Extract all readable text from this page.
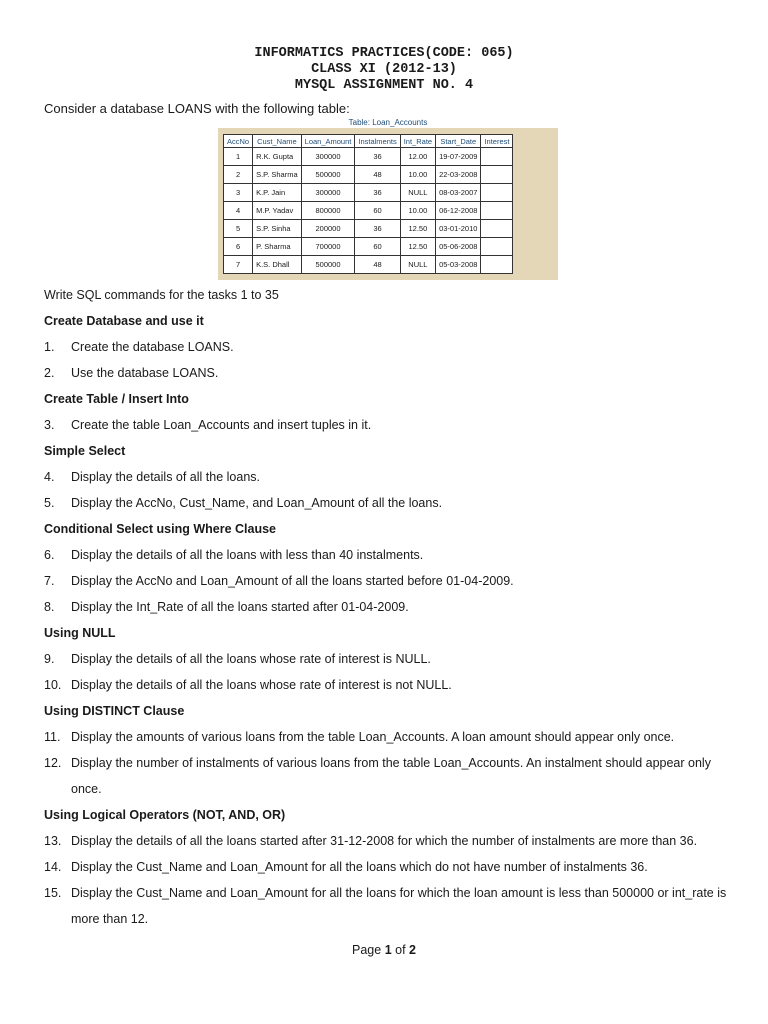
INFORMATICS PRACTICES(CODE: 065)
CLASS XI (2012-13)
MYSQL ASSIGNMENT NO. 4
Consider a database LOANS with the following table:
Table: Loan_Accounts
AccNo	Cust_Name	Loan_Amount	Instalments	Int_Rate	Start_Date	Interest
1	R.K. Gupta	300000	36	12.00	19-07-2009	
2	S.P. Sharma	500000	48	10.00	22-03-2008	
3	K.P. Jain	300000	36	NULL	08-03-2007	
4	M.P. Yadav	800000	60	10.00	06-12-2008	
5	S.P. Sinha	200000	36	12.50	03-01-2010	
6	P. Sharma	700000	60	12.50	05-06-2008	
7	K.S. Dhall	500000	48	NULL	05-03-2008	

Write SQL commands for the tasks 1 to 35

Create Database and use it

1.	Create the database LOANS.
2.	Use the database LOANS.

Create Table / Insert Into

3.	Create the table Loan_Accounts and insert tuples in it.

Simple Select

4.	Display the details of all the loans.
5.	Display the AccNo, Cust_Name, and Loan_Amount of all the loans.

Conditional Select using Where Clause

6.	Display the details of all the loans with less than 40 instalments.
7.	Display the AccNo and Loan_Amount of all the loans started before 01-04-2009.
8.	Display the Int_Rate of all the loans started after 01-04-2009.

Using NULL

9.	Display the details of all the loans whose rate of interest is NULL.
10. Display the details of all the loans whose rate of interest is not NULL.

Using DISTINCT Clause

11. Display the amounts of various loans from the table Loan_Accounts. A loan amount should appear only once.
12. Display the number of instalments of various loans from the table Loan_Accounts. An instalment should appear only once.

Using Logical Operators (NOT, AND, OR)

13. Display the details of all the loans started after 31-12-2008 for which the number of instalments are more than 36.
14. Display the Cust_Name and Loan_Amount for all the loans which do not have number of instalments 36.
15. Display the Cust_Name and Loan_Amount for all the loans for which the loan amount is less than 500000 or int_rate is more than 12.
Page 1 of 2
